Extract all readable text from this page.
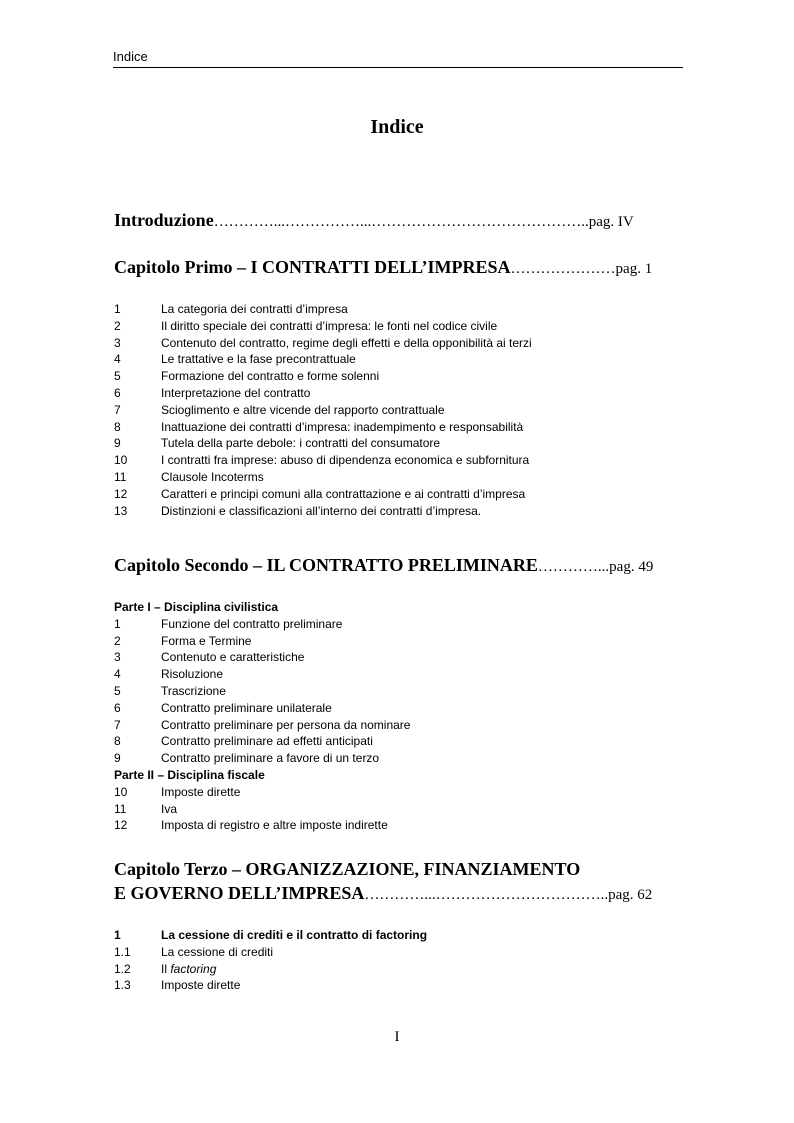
Indice
Indice
Introduzione…………...……………...……………………………………..pag. IV
Capitolo Primo – I CONTRATTI DELL’IMPRESA…………………pag. 1
1	La categoria dei contratti d’impresa
2	Il diritto speciale dei contratti d’impresa: le fonti nel codice civile
3	Contenuto del contratto, regime degli effetti e della opponibilità ai terzi
4	Le trattative e la fase precontrattuale
5	Formazione del contratto e forme solenni
6	Interpretazione del contratto
7	Scioglimento e altre vicende del rapporto contrattuale
8	Inattuazione dei contratti d’impresa: inadempimento e responsabilità
9	Tutela della parte debole: i contratti del consumatore
10	I contratti fra imprese: abuso di dipendenza economica e subfornitura
11	Clausole Incoterms
12	Caratteri e principi comuni alla contrattazione e ai contratti d’impresa
13	Distinzioni e classificazioni all’interno dei contratti d’impresa.
Capitolo Secondo – IL CONTRATTO PRELIMINARE…………...pag. 49
Parte I – Disciplina civilistica
1	Funzione del contratto preliminare
2	Forma e Termine
3	Contenuto e caratteristiche
4	Risoluzione
5	Trascrizione
6	Contratto preliminare unilaterale
7	Contratto preliminare per persona da nominare
8	Contratto preliminare ad effetti anticipati
9	Contratto preliminare a favore di un terzo
Parte II – Disciplina fiscale
10	Imposte dirette
11	Iva
12	Imposta di registro e altre imposte indirette
Capitolo Terzo – ORGANIZZAZIONE, FINANZIAMENTO
E GOVERNO DELL’IMPRESA…………...……………………………..pag. 62
1	La cessione di crediti e il contratto di factoring
1.1	La cessione di crediti
1.2	Il factoring
1.3	Imposte dirette
I
